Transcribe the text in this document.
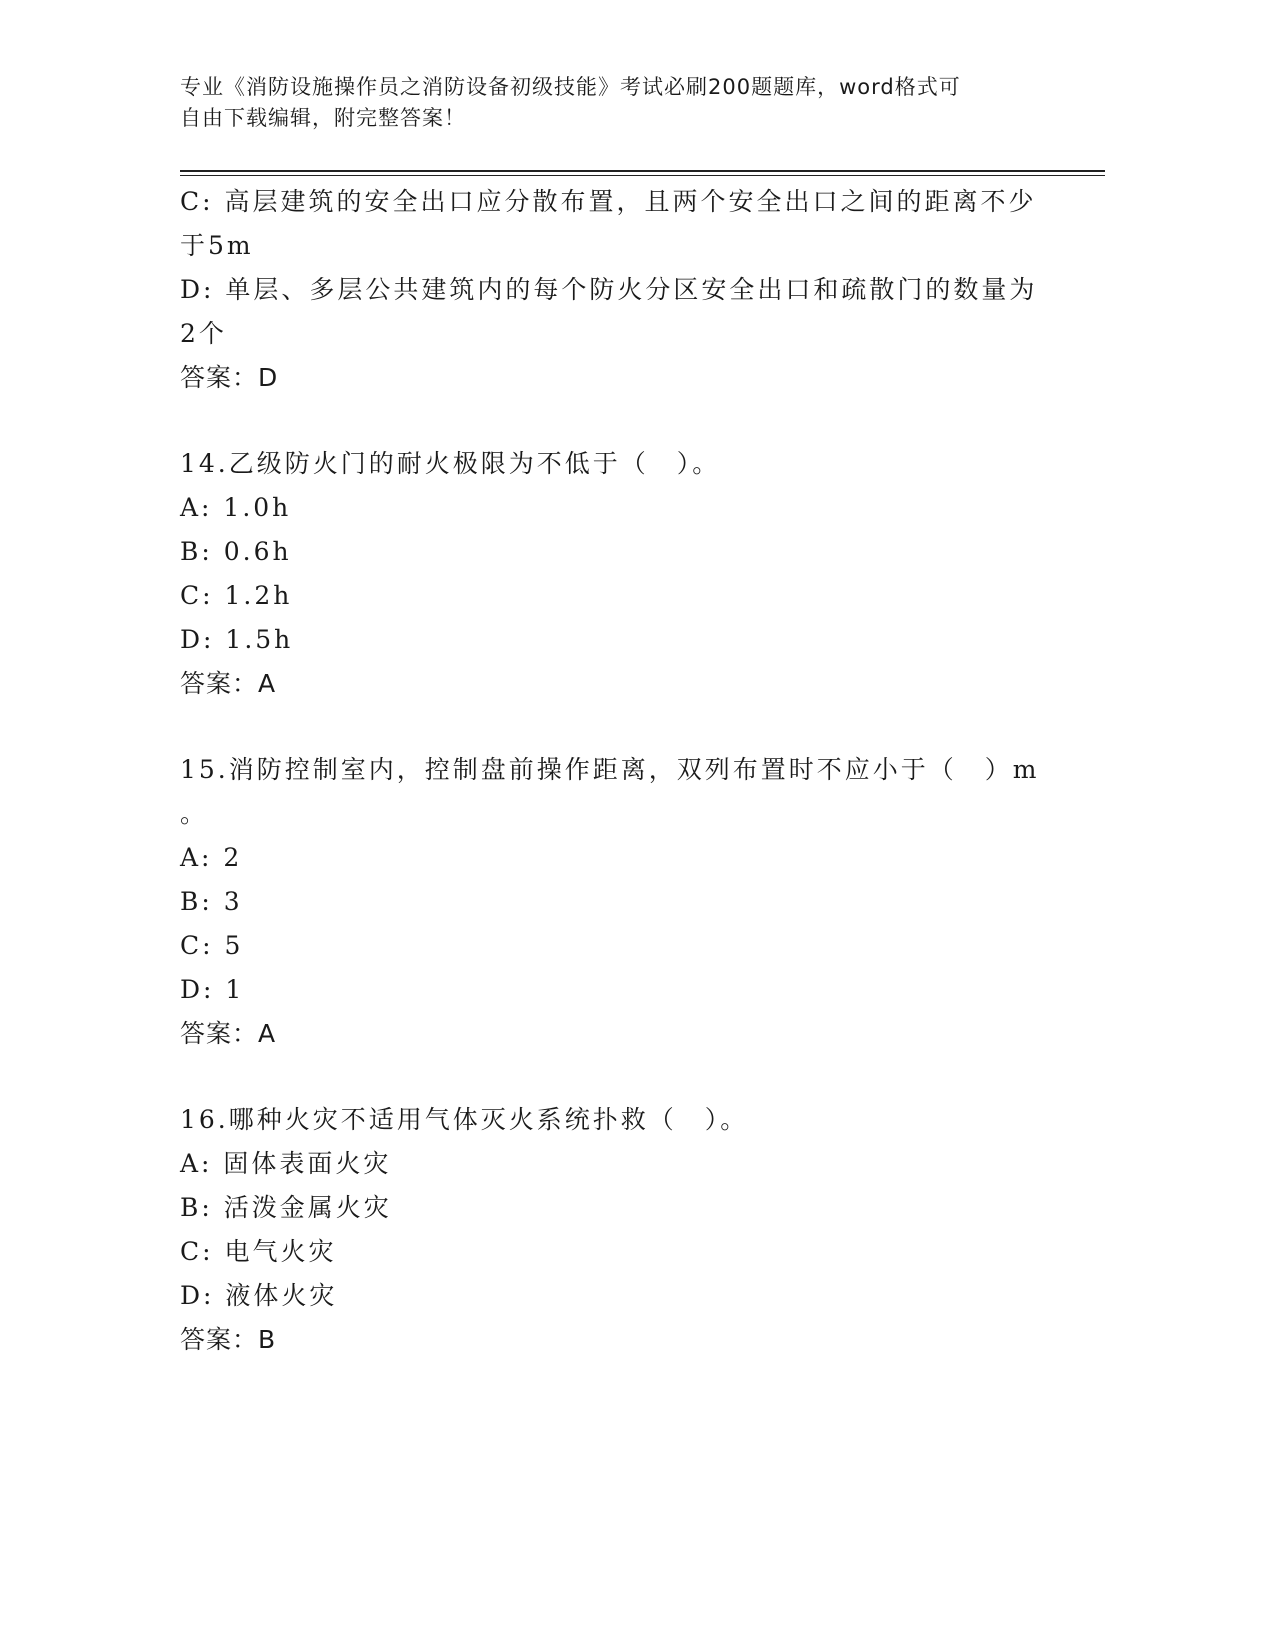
专业《消防设施操作员之消防设备初级技能》考试必刷200题题库，word格式可
自由下载编辑，附完整答案！

C: 高层建筑的安全出口应分散布置，且两个安全出口之间的距离不少

于5m

D: 单层、多层公共建筑内的每个防火分区安全出口和疏散门的数量为

2个

答案：D

14.乙级防火门的耐火极限为不低于（　）。

A: 1.0h

B: 0.6h

C: 1.2h

D: 1.5h

答案：A

15.消防控制室内，控制盘前操作距离，双列布置时不应小于（　）m

。

A: 2

B: 3

C: 5

D: 1

答案：A

16.哪种火灾不适用气体灭火系统扑救（　）。

A: 固体表面火灾

B: 活泼金属火灾

C: 电气火灾

D: 液体火灾

答案：B
